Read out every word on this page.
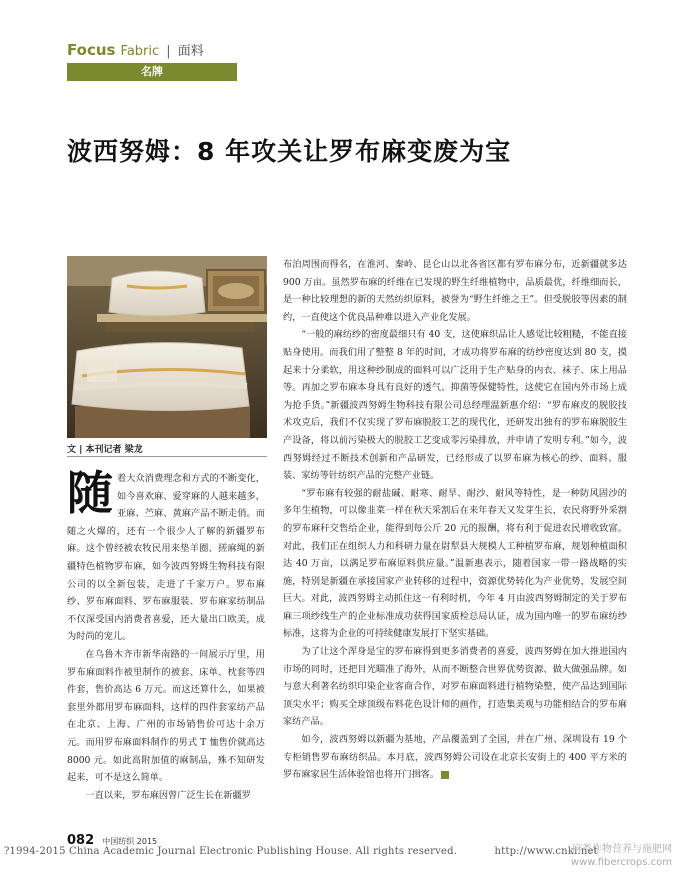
Focus Fabric | 面料
名牌
波西努姆：8 年攻关让罗布麻变废为宝
文 | 本刊记者 梁龙

随着大众消费理念和方式的不断变化，如今喜欢麻、爱穿麻的人越来越多，亚麻、苎麻、黄麻产品不断走俏。而随之火爆的，还有一个很少人了解的新疆罗布麻。这个曾经被农牧民用来垫羊圈、搓麻绳的新疆特色植物罗布麻，如今波西努姆生物科技有限公司的以全新包装，走进了千家万户。罗布麻纱、罗布麻面料、罗布麻服装、罗布麻家纺制品不仅深受国内消费者喜爱，还大量出口欧美，成为时尚的宠儿。

在乌鲁木齐市新华南路的一间展示厅里，用罗布麻面料作被里制作的被套、床单、枕套等四件套，售价高达 6 万元。而这还算什么，如果被套里外都用罗布麻面料，这样的四件套家纺产品在北京、上海、广州的市场销售价可达十余万元。而用罗布麻面料制作的男式 T 恤售价就高达 8000 元。如此高附加值的麻制品，殊不知研发起来，可不是这么简单。

一直以来，罗布麻因曾广泛生长在新疆罗

布泊周围而得名，在淮河、秦岭、昆仑山以北各省区都有罗布麻分布，近新疆就多达 900 万亩。虽然罗布麻的纤维在已发现的野生纤维植物中，品质最优，纤维细而长，是一种比较理想的新的天然纺织原料，被誉为“野生纤维之王”。但受脱胶等因素的制约，一直使这个优良品种难以进入产业化发展。

“一般的麻纺纱的密度最细只有 40 支，这使麻织品让人感觉比较粗糙，不能直接贴身使用。而我们用了整整 8 年的时间，才成功将罗布麻的纺纱密度达到 80 支，摸起来十分柔软，用这种纱制成的面料可以广泛用于生产贴身的内衣、袜子、床上用品等。再加之罗布麻本身具有良好的透气、抑菌等保健特性，这使它在国内外市场上成为抢手货。”新疆波西努姆生物科技有限公司总经理温新惠介绍：“罗布麻皮的脱胶技术攻克后，我们不仅实现了罗布麻脱胶工艺的现代化，还研发出独有的罗布麻脱胶生产设备，将以前污染极大的脱胶工艺变成零污染排放，并申请了发明专利。”如今，波西努姆经过不断技术创新和产品研发，已经形成了以罗布麻为核心的纱、面料、服装、家纺等针纺织产品的完整产业链。

“罗布麻有较强的耐盐碱、耐寒、耐旱、耐沙、耐风等特性，是一种防风固沙的多年生植物，可以像韭菜一样在秋天采割后在来年春天又发芽生长，农民将野外采割的罗布麻秆交售给企业，能得到每公斤 20 元的报酬，将有利于促进农民增收致富。对此，我们正在组织人力和科研力量在尉犁县大规模人工种植罗布麻，规划种植面积达 40 万亩，以满足罗布麻原料供应量。”温新惠表示，随着国家一带一路战略的实施，特别是新疆在承接国家产业转移的过程中，资源优势转化为产业优势，发展空间巨大。对此，波西努姆主动抓住这一有利时机，今年 4 月由波西努姆制定的关于罗布麻三项纱线生产的企业标准成功获得国家质检总局认证，成为国内唯一的罗布麻纺纱标准，这将为企业的可持续健康发展打下坚实基础。

为了让这个浑身是宝的罗布麻得到更多消费者的喜爱，波西努姆在加大推进国内市场的同时，还把目光瞄准了海外，从而不断整合世界优势资源、做大做强品牌。如与意大利著名纺织印染企业客商合作，对罗布麻面料进行植物染整，使产品达到国际顶尖水平；购买全球顶级布料花色设计师的画作，打造集美观与功能相结合的罗布麻家纺产品。

如今，波西努姆以新疆为基地，产品覆盖到了全国，并在广州、深圳设有 19 个专柜销售罗布麻纺织品。本月底，波西努姆公司设在北京长安街上的 400 平方米的罗布麻家居生活体验馆也将开门揖客。

082 中国纺织 2015
?1994-2015 China Academic Journal Electronic Publishing House. All rights reserved.	http://www.cnki.net
麻类作物营养与施肥网
www.fibercrops.com
